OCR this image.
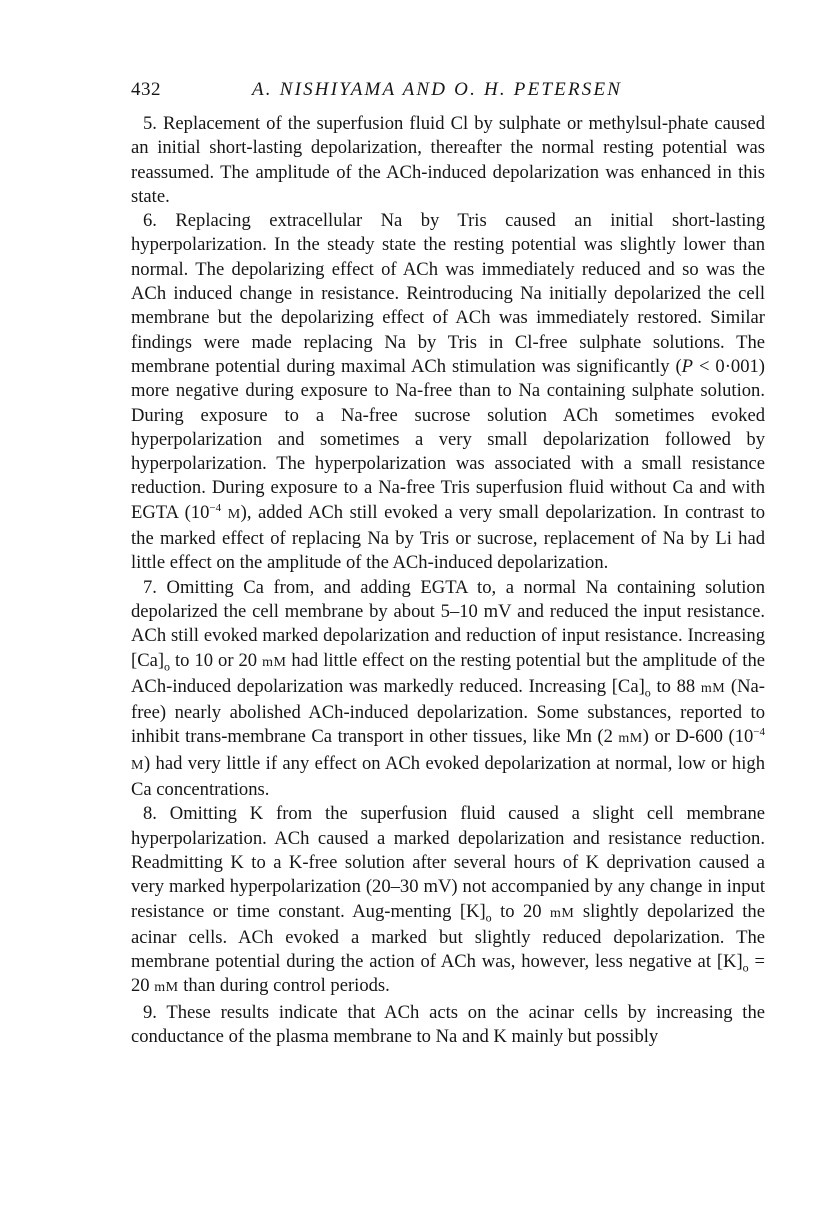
432	A. NISHIYAMA AND O. H. PETERSEN

5. Replacement of the superfusion fluid Cl by sulphate or methylsul-phate caused an initial short-lasting depolarization, thereafter the normal resting potential was reassumed. The amplitude of the ACh-induced depolarization was enhanced in this state.

6. Replacing extracellular Na by Tris caused an initial short-lasting hyperpolarization. In the steady state the resting potential was slightly lower than normal. The depolarizing effect of ACh was immediately reduced and so was the ACh induced change in resistance. Reintroducing Na initially depolarized the cell membrane but the depolarizing effect of ACh was immediately restored. Similar findings were made replacing Na by Tris in Cl-free sulphate solutions. The membrane potential during maximal ACh stimulation was significantly (P < 0·001) more negative during exposure to Na-free than to Na containing sulphate solution. During exposure to a Na-free sucrose solution ACh sometimes evoked hyperpolarization and sometimes a very small depolarization followed by hyperpolarization. The hyperpolarization was associated with a small resistance reduction. During exposure to a Na-free Tris superfusion fluid without Ca and with EGTA ($10^{-4}$ M), added ACh still evoked a very small depolarization. In contrast to the marked effect of replacing Na by Tris or sucrose, replacement of Na by Li had little effect on the amplitude of the ACh-induced depolarization.

7. Omitting Ca from, and adding EGTA to, a normal Na containing solution depolarized the cell membrane by about 5–10 mV and reduced the input resistance. ACh still evoked marked depolarization and reduction of input resistance. Increasing $[Ca]_o$ to 10 or 20 mM had little effect on the resting potential but the amplitude of the ACh-induced depolarization was markedly reduced. Increasing $[Ca]_o$ to 88 mM (Na-free) nearly abolished ACh-induced depolarization. Some substances, reported to inhibit trans-membrane Ca transport in other tissues, like Mn (2 mM) or D-600 ($10^{-4}$ M) had very little if any effect on ACh evoked depolarization at normal, low or high Ca concentrations.

8. Omitting K from the superfusion fluid caused a slight cell membrane hyperpolarization. ACh caused a marked depolarization and resistance reduction. Readmitting K to a K-free solution after several hours of K deprivation caused a very marked hyperpolarization (20–30 mV) not accompanied by any change in input resistance or time constant. Aug-menting $[K]_o$ to 20 mM slightly depolarized the acinar cells. ACh evoked a marked but slightly reduced depolarization. The membrane potential during the action of ACh was, however, less negative at $[K]_o = 20$ mM than during control periods.

9. These results indicate that ACh acts on the acinar cells by increasing the conductance of the plasma membrane to Na and K mainly but possibly
